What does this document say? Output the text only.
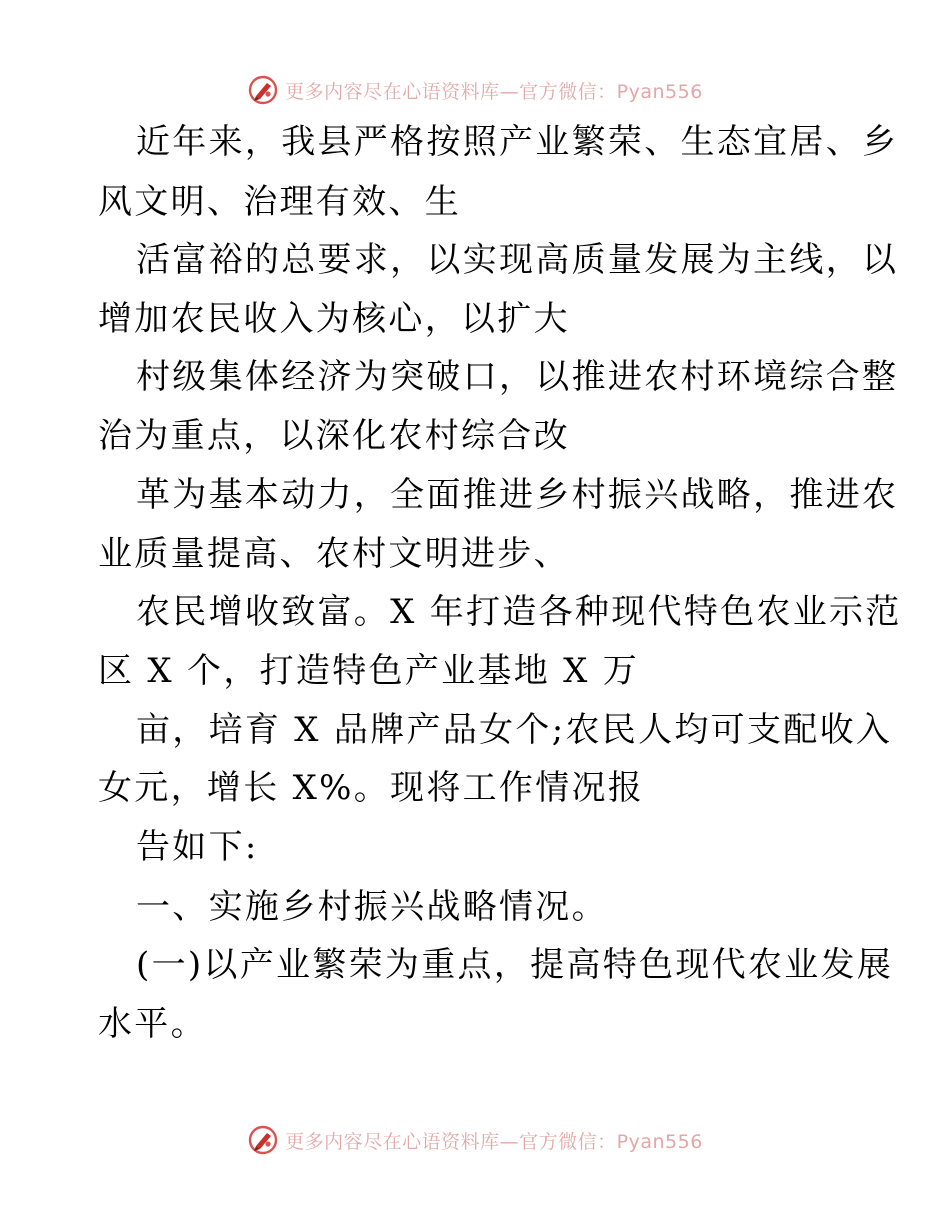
更多内容尽在心语资料库—官方微信：Pyan556
近年来，我县严格按照产业繁荣、生态宜居、乡
风文明、治理有效、生
活富裕的总要求，以实现高质量发展为主线，以
增加农民收入为核心，以扩大
村级集体经济为突破口，以推进农村环境综合整
治为重点，以深化农村综合改
革为基本动力，全面推进乡村振兴战略，推进农
业质量提高、农村文明进步、
农民增收致富。X 年打造各种现代特色农业示范
区 X 个，打造特色产业基地 X 万
亩，培育 X 品牌产品女个;农民人均可支配收入
女元，增长 X%。现将工作情况报
告如下:
一、实施乡村振兴战略情况。
(一)以产业繁荣为重点，提高特色现代农业发展
水平。
更多内容尽在心语资料库—官方微信：Pyan556
